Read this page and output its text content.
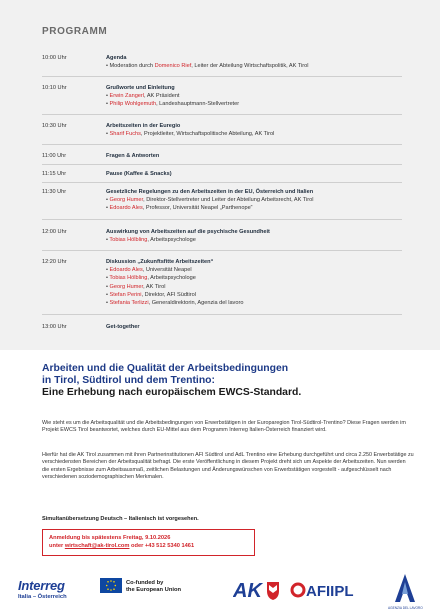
PROGRAMM
10:00 Uhr	Agenda
• Moderation durch Domenico Rief, Leiter der Abteilung Wirtschaftspolitik, AK Tirol
10:10 Uhr	Grußworte und Einleitung
• Erwin Zangerl, AK Präsident
• Philip Wohlgemuth, Landeshauptmann-Stellvertreter
10:30 Uhr	Arbeitszeiten in der Euregio
• Sharif Fuchs, Projektleiter, Wirtschaftspolitische Abteilung, AK Tirol
11:00 Uhr	Fragen & Antworten
11:15 Uhr	Pause (Kaffee & Snacks)
11:30 Uhr	Gesetzliche Regelungen zu den Arbeitszeiten in der EU, Österreich und Italien
• Georg Humer, Direktor-Stellvertreter und Leiter der Abteilung Arbeitsrecht, AK Tirol
• Edoardo Ales, Professor, Universität Neapel „Parthenope“
12:00 Uhr	Auswirkung von Arbeitszeiten auf die psychische Gesundheit
• Tobias Hölbling, Arbeitspsychologe
12:20 Uhr	Diskussion „Zukunftsfitte Arbeitszeiten“
• Edoardo Ales, Universität Neapel
• Tobias Hölbling, Arbeitspsychologe
• Georg Humer, AK Tirol
• Stefan Perini, Direktor, AFI Südtirol
• Stefania Terlizzi, Generaldirektorin, Agenzia del lavoro
13:00 Uhr	Get-together
Arbeiten und die Qualität der Arbeitsbedingungen
in Tirol, Südtirol und dem Trentino:
Eine Erhebung nach europäischem EWCS-Standard.
Wie steht es um die Arbeitsqualität und die Arbeitsbedingungen von Erwerbstätigen in der Europaregion Tirol-Südtirol-Trentino? Diese Fragen werden im Projekt EWCS Tirol beantwortet, welches durch EU-Mittel aus dem Programm Interreg Italien-Österreich finanziert wird.
Hierfür hat die AK Tirol zusammen mit ihren Partnerinstitutionen AFI Südtirol und AdL Trentino eine Erhebung durchgeführt und circa 2.250 Erwerbstätige zu verschiedensten Bereichen der Arbeitsqualität befragt. Die erste Veröffentlichung in diesem Projekt dreht sich um Aspekte der Arbeitszeiten. Nun werden die ersten Ergebnisse zum Arbeitsausmaß, zeitlichen Belastungen und Änderungswünschen von Erwerbstätigen vorgestellt - aufgeschlüsselt nach verschiedenen soziodemographischen Merkmalen.
Simultanübersetzung Deutsch – Italienisch ist vorgesehen.
Anmeldung bis spätestens Freitag, 9.10.2026
unter wirtschaft@ak-tirol.com oder +43 512 5340 1461
Interreg
Italia – Österreich
Co-funded by
the European Union	AK	AFIIPL
AGENZIA DEL LAVORO
